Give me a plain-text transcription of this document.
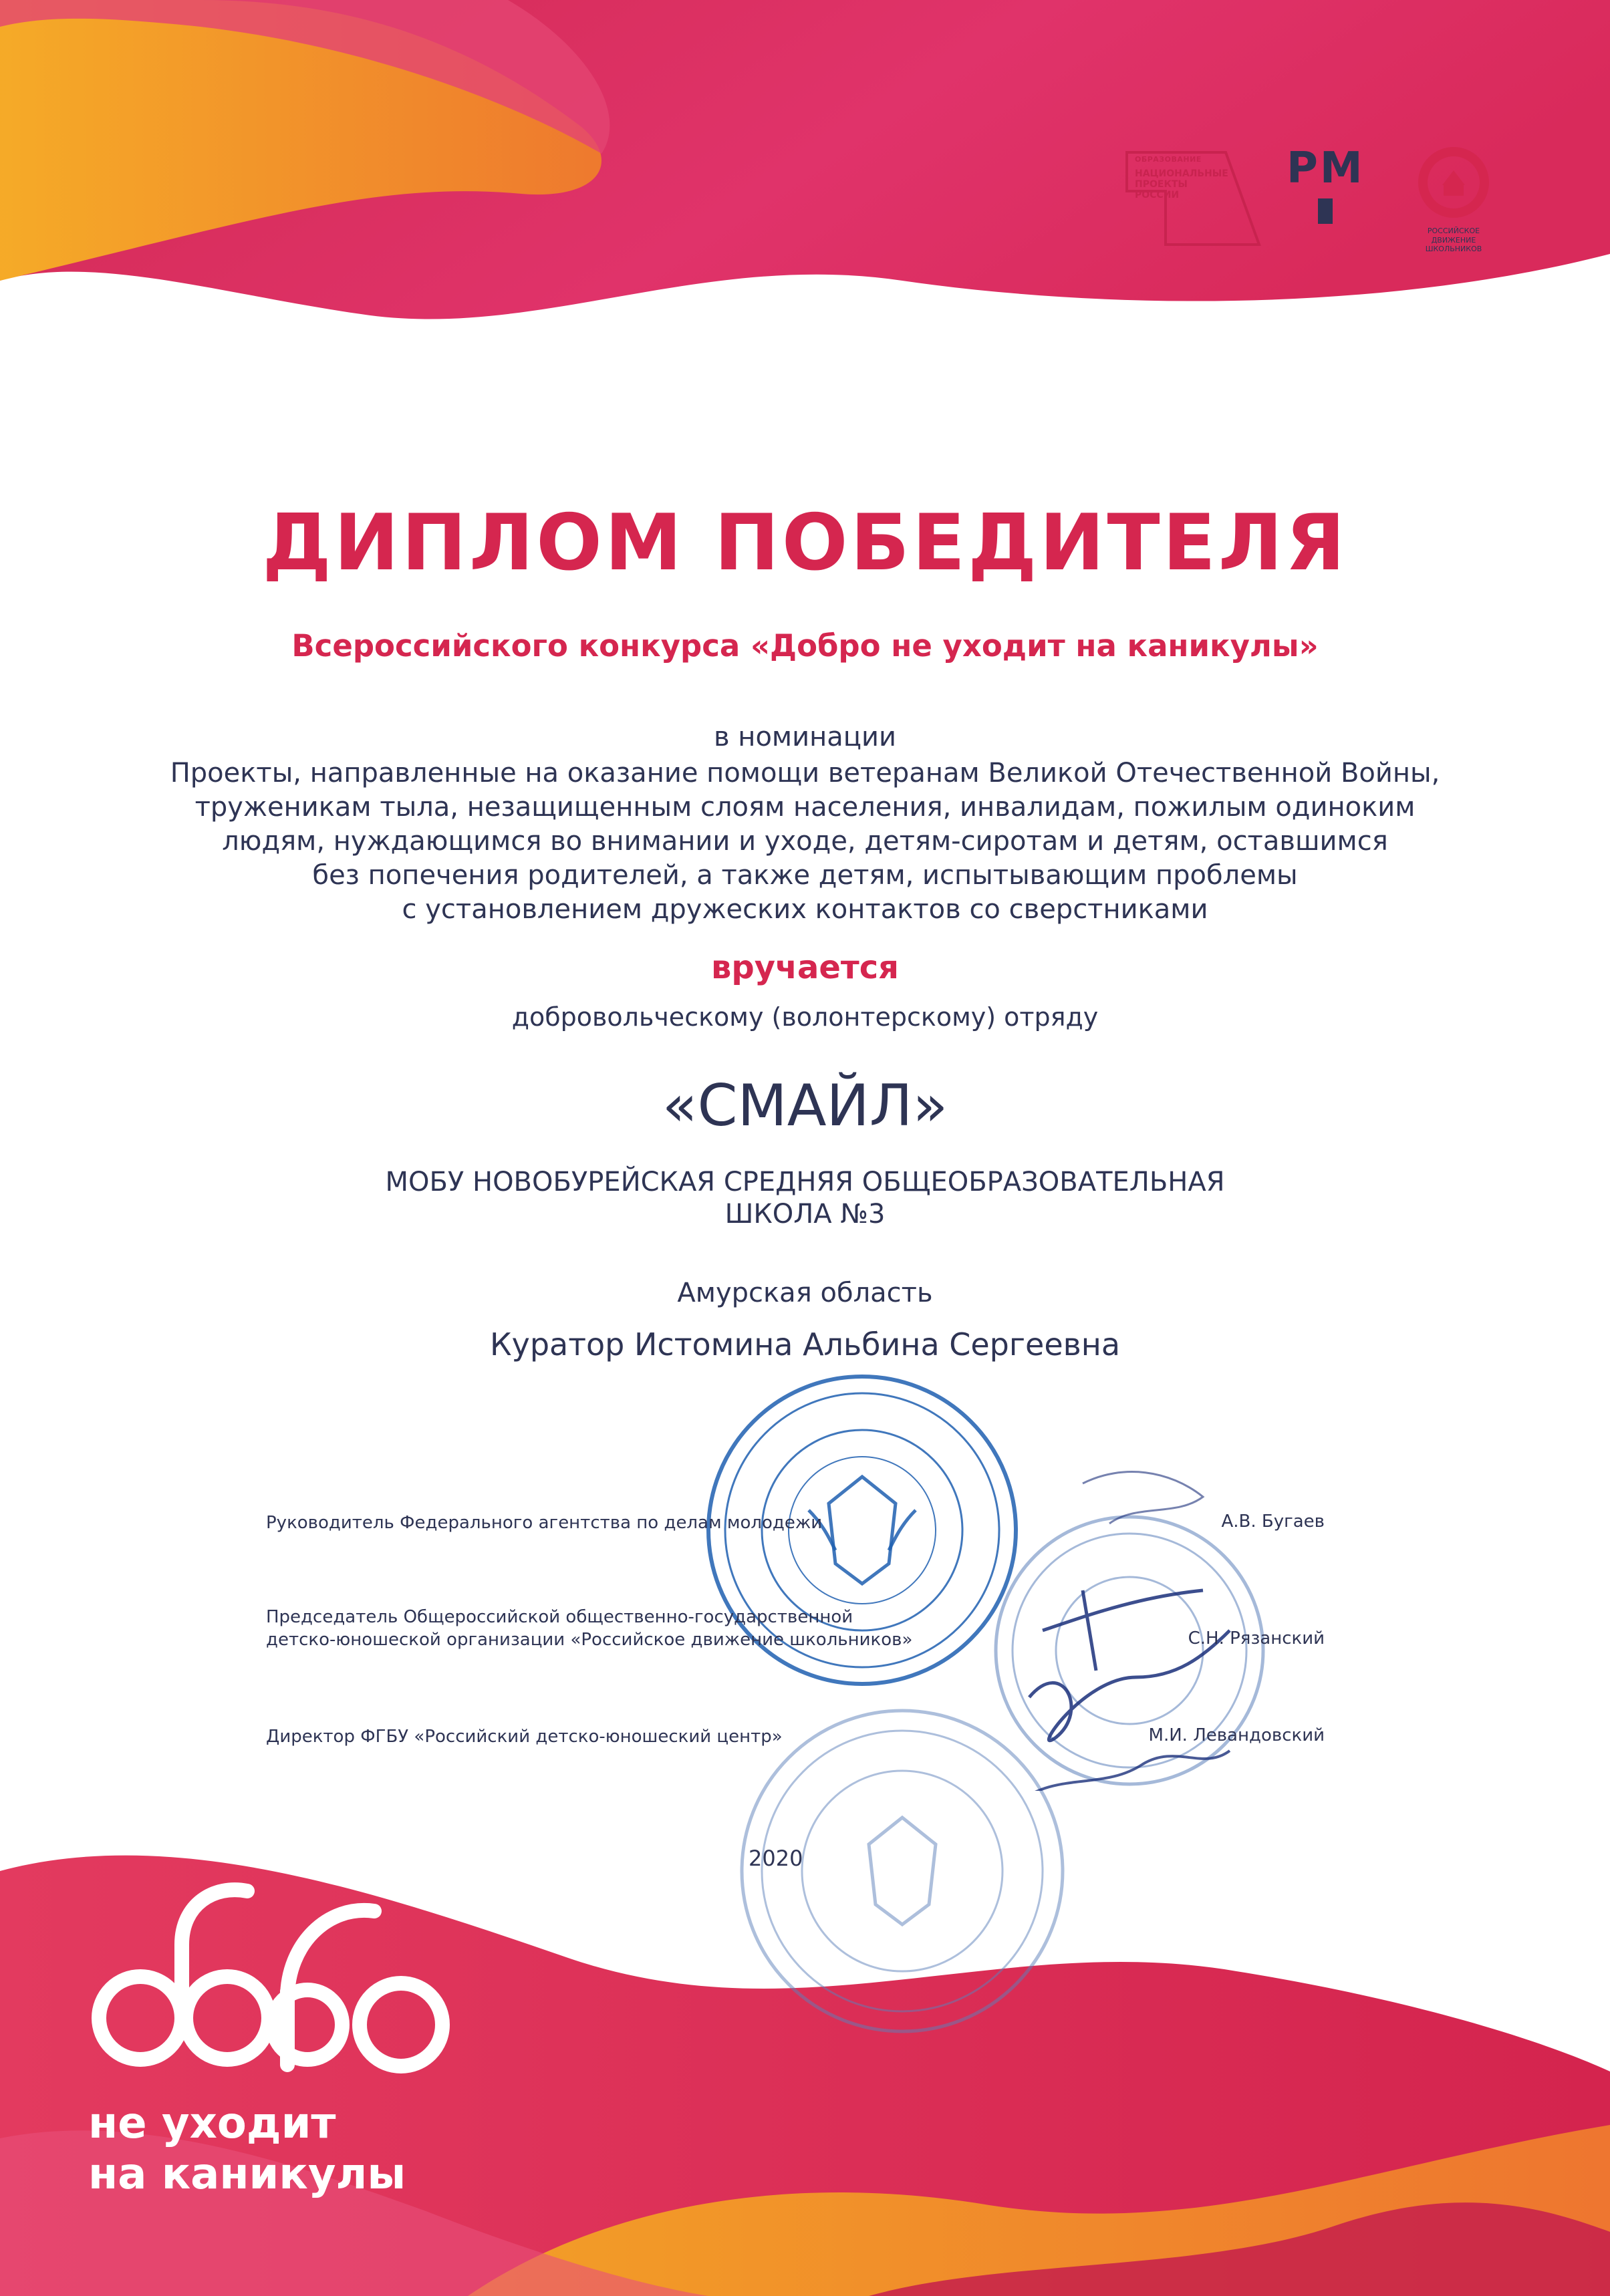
ОБРАЗОВАНИЕ
НАЦИОНАЛЬНЫЕ
ПРОЕКТЫ
РОССИИ
РМ
РОССИЙСКОЕ
ДВИЖЕНИЕ ШКОЛЬНИКОВ
ДИПЛОМ ПОБЕДИТЕЛЯ
Всероссийского конкурса «Добро не уходит на каникулы»
в номинации
Проекты, направленные на оказание помощи ветеранам Великой Отечественной Войны,
труженикам тыла, незащищенным слоям населения, инвалидам, пожилым одиноким
людям, нуждающимся во внимании и уходе, детям-сиротам и детям, оставшимся
без попечения родителей, а также детям, испытывающим проблемы
с установлением дружеских контактов со сверстниками
вручается
добровольческому (волонтерскому) отряду
«СМАЙЛ»
МОБУ НОВОБУРЕЙСКАЯ СРЕДНЯЯ ОБЩЕОБРАЗОВАТЕЛЬНАЯ
ШКОЛА №3
Амурская область
Куратор Истомина Альбина Сергеевна
Руководитель Федерального агентства по делам молодежи	А.В. Бугаев
Председатель Общероссийской общественно-государственной
детско-юношеской организации «Российское движение школьников»	С.Н. Рязанский
Директор ФГБУ «Российский детско-юношеский центр»	М.И. Левандовский
2020
не уходит
на каникулы
